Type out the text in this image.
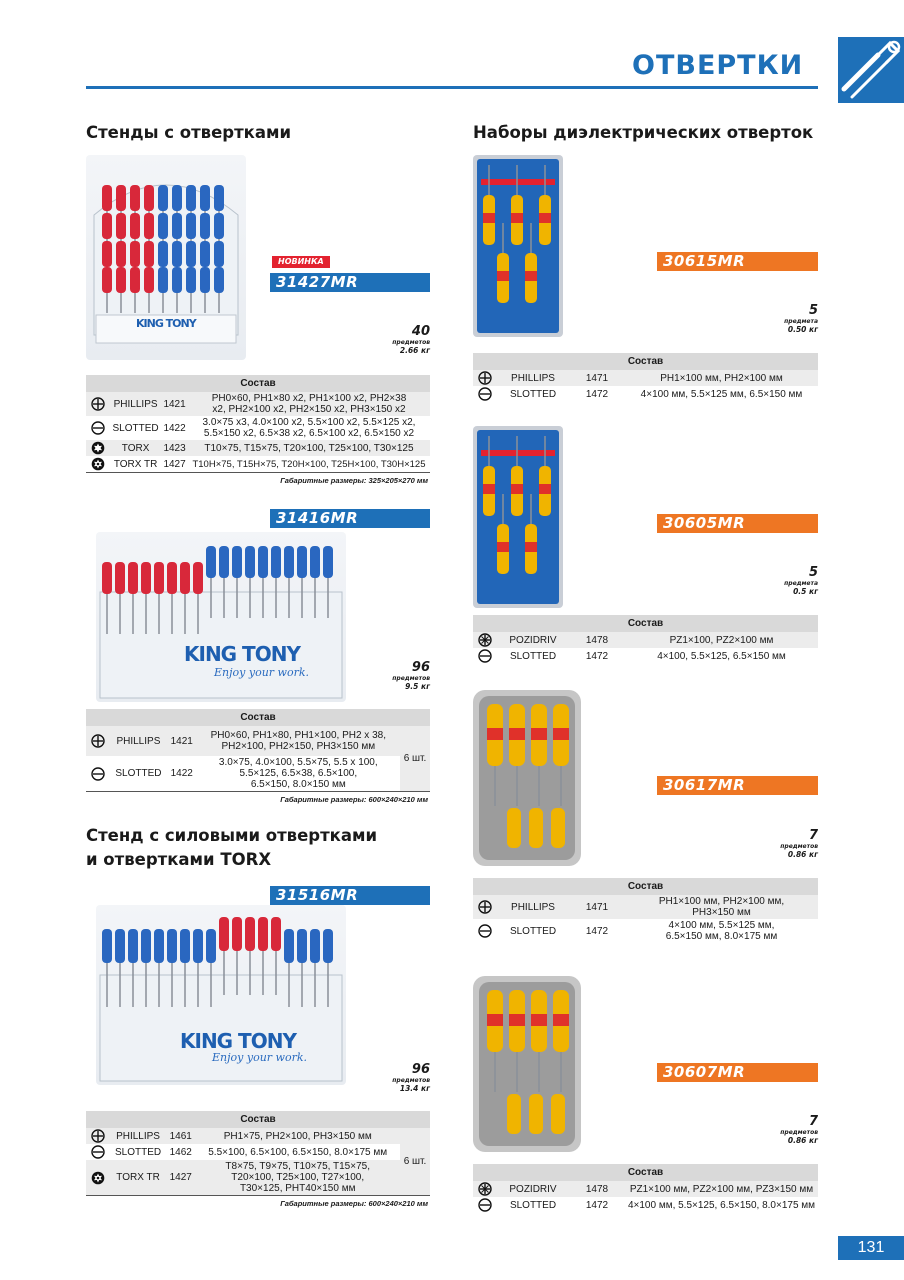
ОТВЕРТКИ
Стенды с отвертками
KING TONY
НОВИНКА
31427MR
40
предметов
2.66 кг
Состав			
	PHILLIPS	1421	PH0×60, PH1×80 x2, PH1×100 x2, PH2×38
x2, PH2×100 x2, PH2×150 x2, PH3×150 x2

	SLOTTED	1422	3.0×75 x3, 4.0×100 x2, 5.5×100 x2, 5.5×125 x2,
5.5×150 x2, 6.5×38 x2, 6.5×100 x2, 6.5×150 x2

	TORX	1423	T10×75, T15×75, T20×100, T25×100, T30×125
	TORX TR	1427	T10H×75, T15H×75, T20H×100, T25H×100, T30H×125
Габаритные размеры: 325×205×270 мм			
31416MR
KING TONY
Enjoy your work.	96
предметов
9.5 кг
Состав				
	PHILLIPS	1421	PH0×60, PH1×80, PH1×100, PH2 x 38,
PH2×100, PH2×150, PH3×150 мм	6 шт.
	SLOTTED	1422	3.0×75, 4.0×100, 5.5×75, 5.5 x 100,
5.5×125, 6.5×38, 6.5×100,
6.5×150, 8.0×150 мм	

Габаритные размеры: 600×240×210 мм				
Стенд с силовыми отвертками
и отвертками TORX
31516MR
KING TONY
Enjoy your work.
96
предметов
13.4 кг
Состав				
	PHILLIPS	1461	PH1×75, PH2×100, PH3×150 мм	6 шт.
	SLOTTED	1462	5.5×100, 6.5×100, 6.5×150, 8.0×175 мм	
	TORX TR	1427	T8×75, T9×75, T10×75, T15×75,
T20×100, T25×100, T27×100,
T30×125, PHT40×150 мм	

Габаритные размеры: 600×240×210 мм				
Наборы диэлектрических отверток
30615MR
5
предмета
0.50 кг
Состав			
	PHILLIPS	1471	PH1×100 мм, PH2×100 мм
	SLOTTED	1472	4×100 мм, 5.5×125 мм, 6.5×150 мм
30605MR
5
предмета
0.5 кг
Состав			
	POZIDRIV	1478	PZ1×100, PZ2×100 мм
	SLOTTED	1472	4×100, 5.5×125, 6.5×150 мм
30617MR
7
предметов
0.86 кг
Состав			
	PHILLIPS	1471	PH1×100 мм, PH2×100 мм,
PH3×150 мм

	SLOTTED	1472	4×100 мм, 5.5×125 мм,
6.5×150 мм, 8.0×175 мм
30607MR
7
предметов
0.86 кг
Состав			
	POZIDRIV	1478	PZ1×100 мм, PZ2×100 мм, PZ3×150 мм
	SLOTTED	1472	4×100 мм, 5.5×125, 6.5×150, 8.0×175 мм
131
